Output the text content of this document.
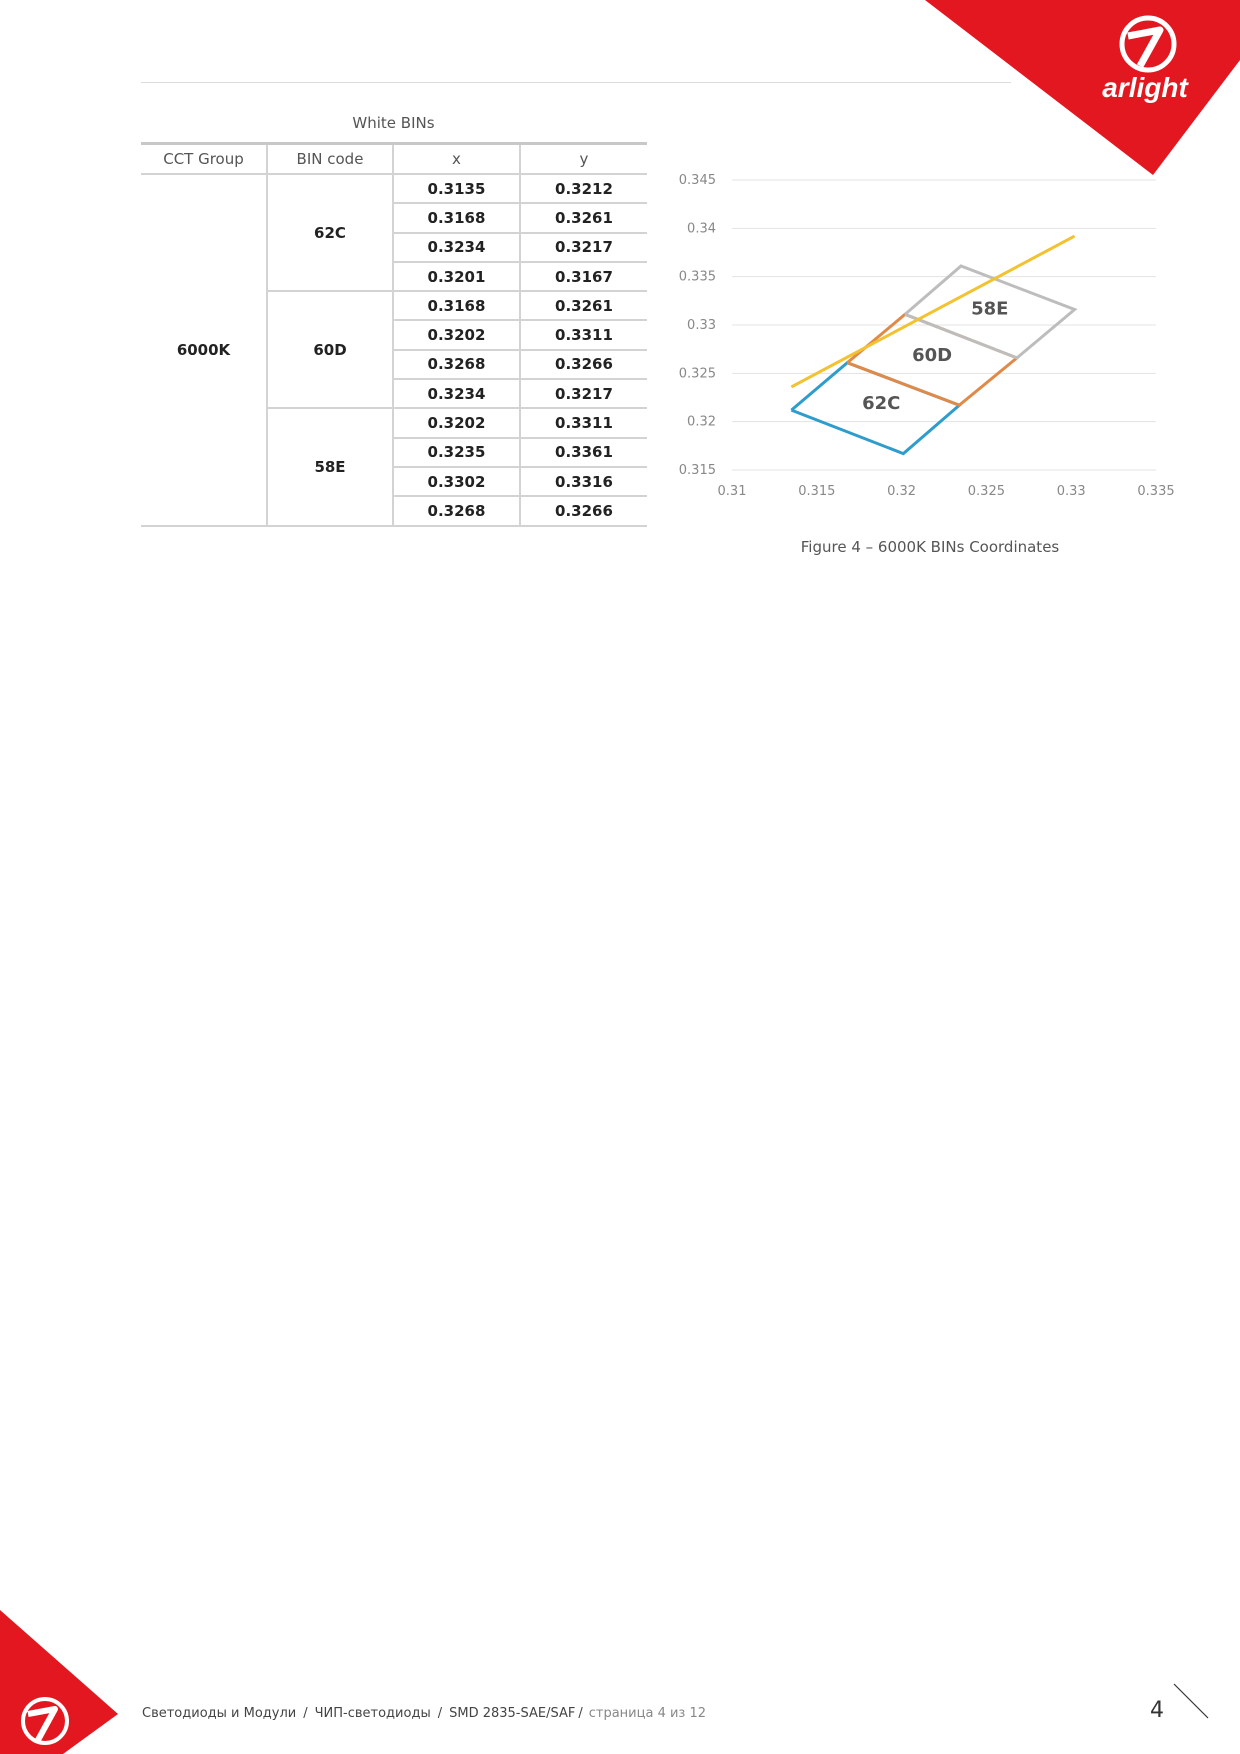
arlight
White BINs
CCT Group	BIN code	x	y
6000K	62C	0.3135	0.3212
		0.3168	0.3261
		0.3234	0.3217
		0.3201	0.3167
	60D	0.3168	0.3261
		0.3202	0.3311
		0.3268	0.3266
		0.3234	0.3217
	58E	0.3202	0.3311
		0.3235	0.3361
		0.3302	0.3316
		0.3268	0.3266
0.345
0.34
0.335
0.33
0.325
0.32
0.315
0.31	0.315	0.32	0.325	0.33	0.335
62C
60D
58E
Figure 4 – 6000K BINs Coordinates
Светодиоды и Модули / ЧИП-светодиоды / SMD 2835-SAE/SAF / страница 4 из 12	4
